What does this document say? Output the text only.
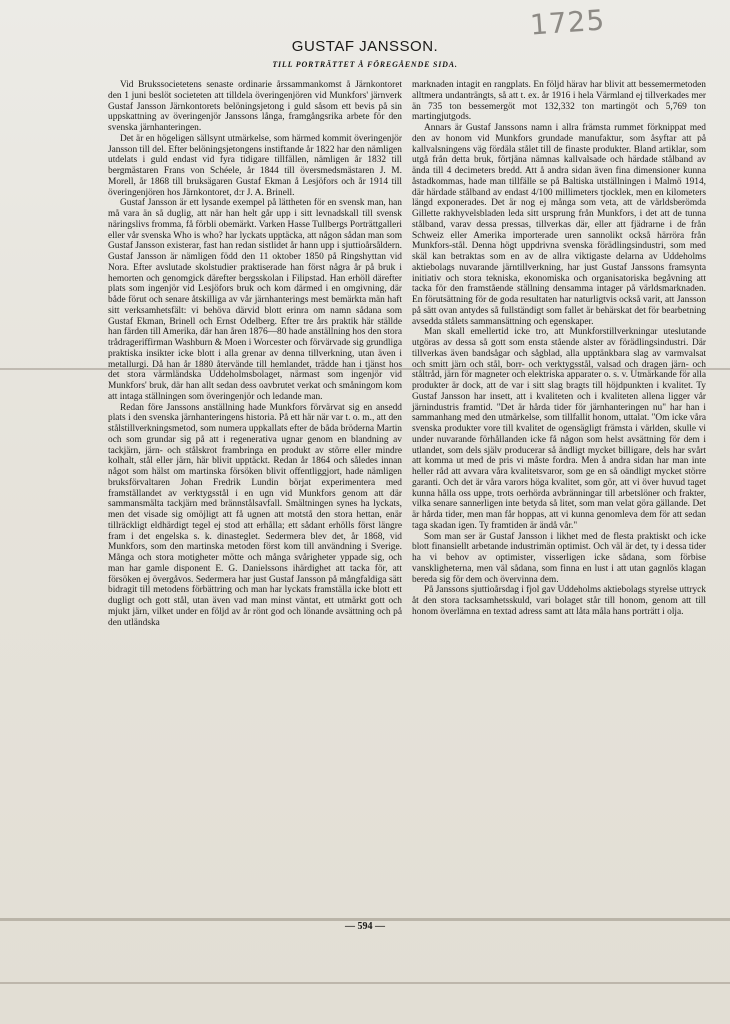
1725
GUSTAF JANSSON.
TILL PORTRÄTTET Å FÖREGÅENDE SIDA.

Vid Brukssocietetens senaste ordinarie årssammankomst å Järnkontoret den 1 juni beslöt societeten att tilldela överingenjören vid Munkfors' järnverk Gustaf Jansson Järnkontorets belöningsjetong i guld såsom ett bevis på sin uppskattning av överingenjör Janssons långa, framgångsrika arbete för den svenska järnhanteringen.

Det är en högeligen sällsynt utmärkelse, som härmed kommit överingenjör Jansson till del. Efter belöningsjetongens instiftande år 1822 har den nämligen utdelats i guld endast vid fyra tidigare tillfällen, nämligen år 1832 till bergmästaren Frans von Schéele, år 1844 till översmedsmästaren J. M. Morell, år 1868 till bruksägaren Gustaf Ekman å Lesjöfors och år 1914 till överingenjören hos Järnkontoret, d:r J. A. Brinell.

Gustaf Jansson är ett lysande exempel på lättheten för en svensk man, han må vara än så duglig, att när han helt går upp i sitt levnadskall till svensk näringslivs fromma, få förbli obemärkt. Varken Hasse Tullbergs Porträttgalleri eller vår svenska Who is who? har lyckats upptäcka, att någon sådan man som Gustaf Jansson existerar, fast han redan sistlidet år hann upp i sjuttioårsåldern. Gustaf Jansson är nämligen född den 11 oktober 1850 på Ringshyttan vid Nora. Efter avslutade skolstudier praktiserade han först några år på bruk i hemorten och genomgick därefter bergsskolan i Filipstad. Han erhöll därefter plats som ingenjör vid Lesjöfors bruk och kom därmed i en omgivning, där både förut och senare åtskilliga av vår järnhanterings mest bemärkta män haft sitt verksamhetsfält: vi behöva därvid blott erinra om namn sådana som Gustaf Ekman, Brinell och Ernst Odelberg. Efter tre års praktik här ställde han färden till Amerika, där han åren 1876—80 hade anställning hos den stora trådrageriffirman Washburn & Moen i Worcester och förvärvade sig grundliga praktiska insikter icke blott i alla grenar av denna tillverkning, utan även i metallurgi. Då han år 1880 återvände till hemlandet, trädde han i tjänst hos det stora värmländska Uddeholmsbolaget, närmast som ingenjör vid Munkfors' bruk, där han allt sedan dess oavbrutet verkat och småningom kom att intaga ställningen som överingenjör och ledande man.

Redan före Janssons anställning hade Munkfors förvärvat sig en ansedd plats i den svenska järnhanteringens historia. På ett här när var t. o. m., att den stålstillverkningsmetod, som numera uppkallats efter de båda bröderna Martin och som grundar sig på att i regenerativa ugnar genom en blandning av tackjärn, järn- och stålskrot frambringa en produkt av större eller mindre kolhalt, stål eller järn, här blivit upptäckt. Redan år 1864 och således innan något som hälst om martinska försöken blivit offentliggjort, hade nämligen bruksförvaltaren Johan Fredrik Lundin börjat experimentera med framställandet av verktygsstål i en ugn vid Munkfors genom att där sammansmälta tackjärn med brännstålsavfall. Smältningen synes ha lyckats, men det visade sig omöjligt att få ugnen att motstå den stora hettan, enär tillräckligt eldhärdigt tegel ej stod att erhålla; ett sådant erhölls först längre fram i det engelska s. k. dinasteglet. Sedermera blev det, år 1868, vid Munkfors, som den martinska metoden först kom till användning i Sverige. Många och stora motigheter mötte och många svårigheter yppade sig, och man har gamle disponent E. G. Danielssons ihärdighet att tacka för, att försöken ej övergåvos. Sedermera har just Gustaf Jansson på mångfaldiga sätt bidragit till metodens förbättring och man har lyckats framställa icke blott ett dugligt och gott stål, utan även vad man minst väntat, ett utmärkt gott och mjukt järn, vilket under en följd av år rönt god och lönande avsättning och på den utländska

marknaden intagit en rangplats. En följd härav har blivit att bessemermetoden alltmera undanträngts, så att t. ex. år 1916 i hela Värmland ej tillverkades mer än 735 ton bessemergöt mot 132,332 ton martingöt och 5,769 ton martingjutgods.

Annars är Gustaf Janssons namn i allra främsta rummet förknippat med den av honom vid Munkfors grundade manufaktur, som åsyftar att på kallvalsningens väg fördäla stålet till de finaste produkter. Bland artiklar, som utgå från detta bruk, förtjäna nämnas kallvalsade och härdade stålband av ända till 4 decimeters bredd. Att å andra sidan även fina dimensioner kunna åstadkommas, hade man tillfälle se på Baltiska utställningen i Malmö 1914, där härdade stålband av endast 4/100 millimeters tjocklek, men en kilometers längd exponerades. Det är nog ej många som veta, att de världsberömda Gillette rakhyvelsbladen leda sitt ursprung från Munkfors, i det att de tunna stålband, varav dessa pressas, tillverkas där, eller att fjädrarne i de från Schweiz eller Amerika importerade uren sannolikt också härröra från Munkfors-stål. Denna högt uppdrivna svenska förädlingsindustri, som med skäl kan betraktas som en av de allra viktigaste delarna av Uddeholms aktiebolags nuvarande järntillverkning, har just Gustaf Janssons framsynta initiativ och stora tekniska, ekonomiska och organisatoriska begåvning att tacka för den framstående ställning densamma intager på världsmarknaden. En förutsättning för de goda resultaten har naturligtvis också varit, att Jansson på sätt ovan antydes så fullständigt som fallet är behärskat det för bearbetning avsedda stålets sammansättning och egenskaper.

Man skall emellertid icke tro, att Munkforstillverkningar uteslutande utgöras av dessa så gott som ensta stående alster av förädlingsindustri. Där tillverkas även bandsågar och sågblad, alla upptänkbara slag av varmvalsat och smitt järn och stål, borr- och verktygsstål, valsad och dragen järn- och ståltråd, järn för magneter och elektriska apparater o. s. v. Utmärkande för alla produkter är dock, att de var i sitt slag bragts till höjdpunkten i kvalitet. Ty Gustaf Jansson har insett, att i kvaliteten och i kvaliteten allena ligger vår järnindustris framtid. "Det är hårda tider för järnhanteringen nu" har han i sammanhang med den utmärkelse, som tillfallit honom, uttalat. "Om icke våra svenska produkter vore till kvalitet de ogensägligt främsta i världen, skulle vi under nuvarande förhållanden icke få någon som helst avsättning för dem i utlandet, som dels själv producerar så ändligt mycket billigare, dels har svårt att komma ut med de pris vi måste fordra. Men å andra sidan har man inte heller råd att avvara våra kvalitetsvaror, som ge en så oändligt mycket större garanti. Och det är våra varors höga kvalitet, som gör, att vi över huvud taget kunna hålla oss uppe, trots oerhörda avbränningar till arbetslöner och frakter, vilka senare sannerligen inte betyda så litet, som man velat göra gällande. Det är hårda tider, men man får hoppas, att vi kunna genomleva dem för att sedan taga skadan igen. Ty framtiden är ändå vår."

Som man ser är Gustaf Jansson i likhet med de flesta praktiskt och icke blott finansiellt arbetande industrimän optimist. Och väl är det, ty i dessa tider ha vi behov av optimister, visserligen icke sådana, som förbise vanskligheterna, men väl sådana, som finna en lust i att utan gagnlös klagan bereda sig för dem och övervinna dem.

På Janssons sjuttioårsdag i fjol gav Uddeholms aktiebolags styrelse uttryck åt den stora tacksamhetsskuld, vari bolaget står till honom, genom att till honom överlämna en textad adress samt att låta måla hans porträtt i olja.

— 594 —
